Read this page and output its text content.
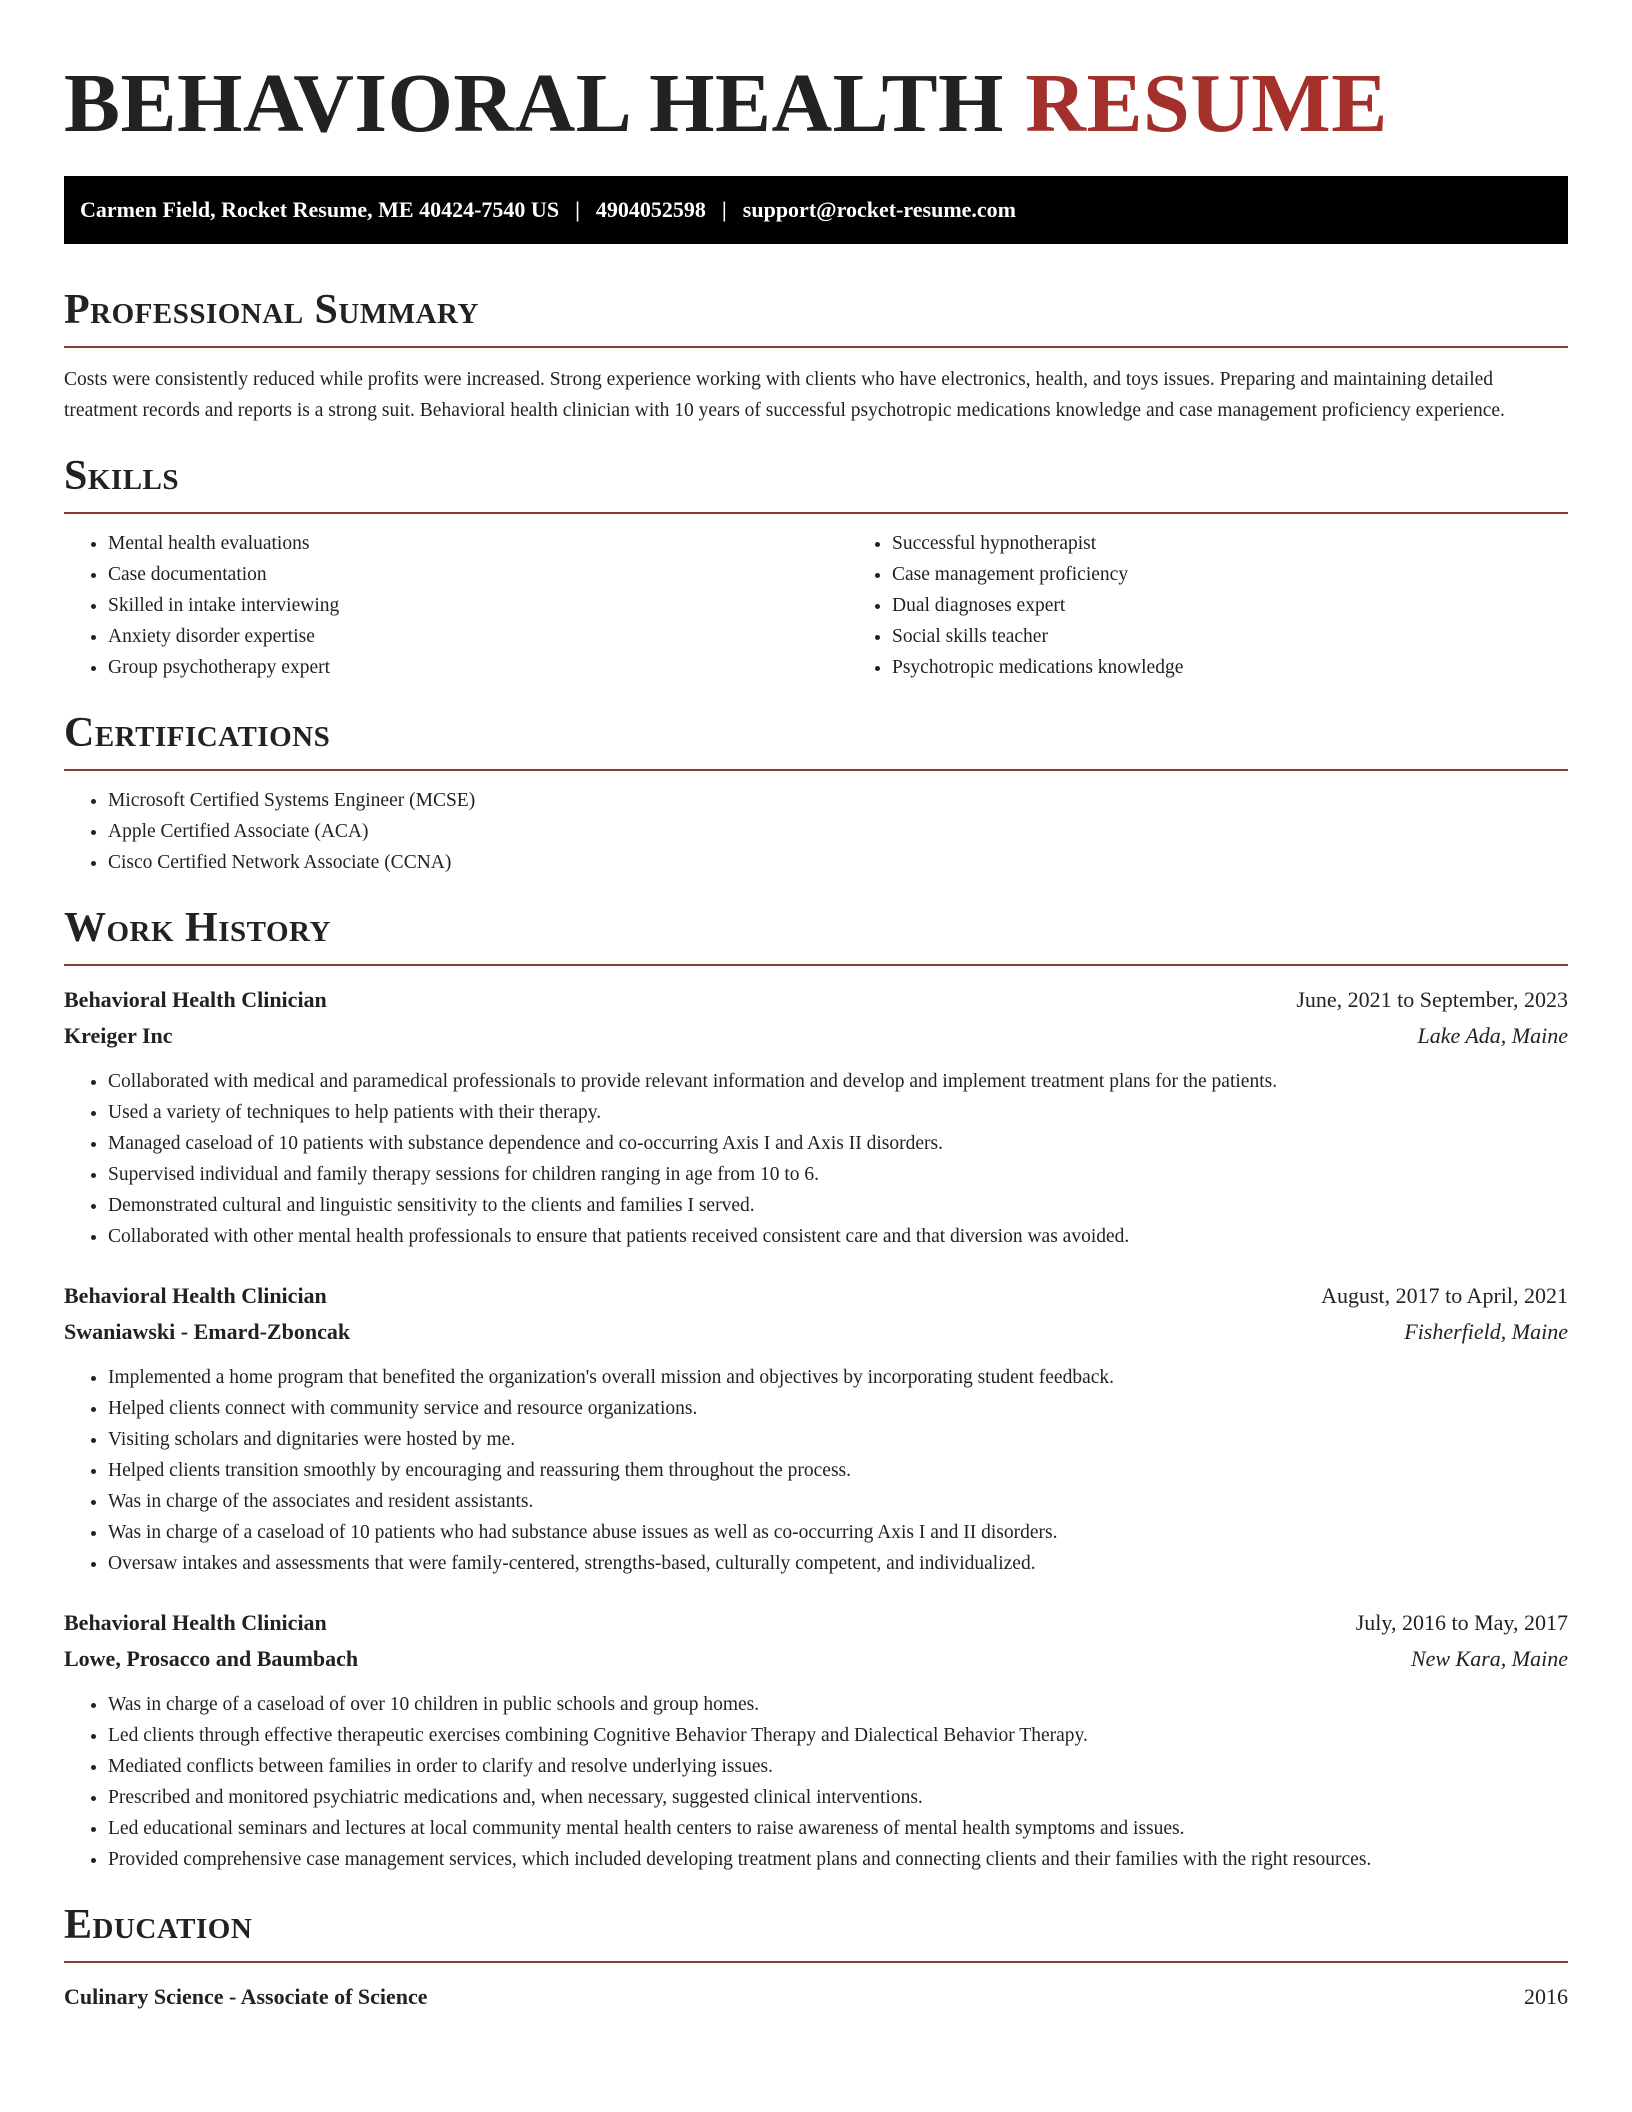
BEHAVIORAL HEALTH RESUME
Carmen Field, Rocket Resume, ME 40424-7540 US | 4904052598 | support@rocket-resume.com
Professional Summary

Costs were consistently reduced while profits were increased. Strong experience working with clients who have electronics, health, and toys issues. Preparing and maintaining detailed treatment records and reports is a strong suit. Behavioral health clinician with 10 years of successful psychotropic medications knowledge and case management proficiency experience.

Skills
• Mental health evaluations
• Case documentation
• Skilled in intake interviewing
• Anxiety disorder expertise
• Group psychotherapy expert
• Successful hypnotherapist
• Case management proficiency
• Dual diagnoses expert
• Social skills teacher
• Psychotropic medications knowledge
Certifications
• Microsoft Certified Systems Engineer (MCSE)
• Apple Certified Associate (ACA)
• Cisco Certified Network Associate (CCNA)
Work History
Behavioral Health Clinician	June, 2021 to September, 2023
Kreiger Inc	Lake Ada, Maine
• Collaborated with medical and paramedical professionals to provide relevant information and develop and implement treatment plans for the patients.
• Used a variety of techniques to help patients with their therapy.
• Managed caseload of 10 patients with substance dependence and co-occurring Axis I and Axis II disorders.
• Supervised individual and family therapy sessions for children ranging in age from 10 to 6.
• Demonstrated cultural and linguistic sensitivity to the clients and families I served.
• Collaborated with other mental health professionals to ensure that patients received consistent care and that diversion was avoided.
Behavioral Health Clinician	August, 2017 to April, 2021
Swaniawski - Emard-Zboncak	Fisherfield, Maine
• Implemented a home program that benefited the organization's overall mission and objectives by incorporating student feedback.
• Helped clients connect with community service and resource organizations.
• Visiting scholars and dignitaries were hosted by me.
• Helped clients transition smoothly by encouraging and reassuring them throughout the process.
• Was in charge of the associates and resident assistants.
• Was in charge of a caseload of 10 patients who had substance abuse issues as well as co-occurring Axis I and II disorders.
• Oversaw intakes and assessments that were family-centered, strengths-based, culturally competent, and individualized.
Behavioral Health Clinician	July, 2016 to May, 2017
Lowe, Prosacco and Baumbach	New Kara, Maine
• Was in charge of a caseload of over 10 children in public schools and group homes.
• Led clients through effective therapeutic exercises combining Cognitive Behavior Therapy and Dialectical Behavior Therapy.
• Mediated conflicts between families in order to clarify and resolve underlying issues.
• Prescribed and monitored psychiatric medications and, when necessary, suggested clinical interventions.
• Led educational seminars and lectures at local community mental health centers to raise awareness of mental health symptoms and issues.
• Provided comprehensive case management services, which included developing treatment plans and connecting clients and their families with the right resources.
Education
Culinary Science - Associate of Science	2016
